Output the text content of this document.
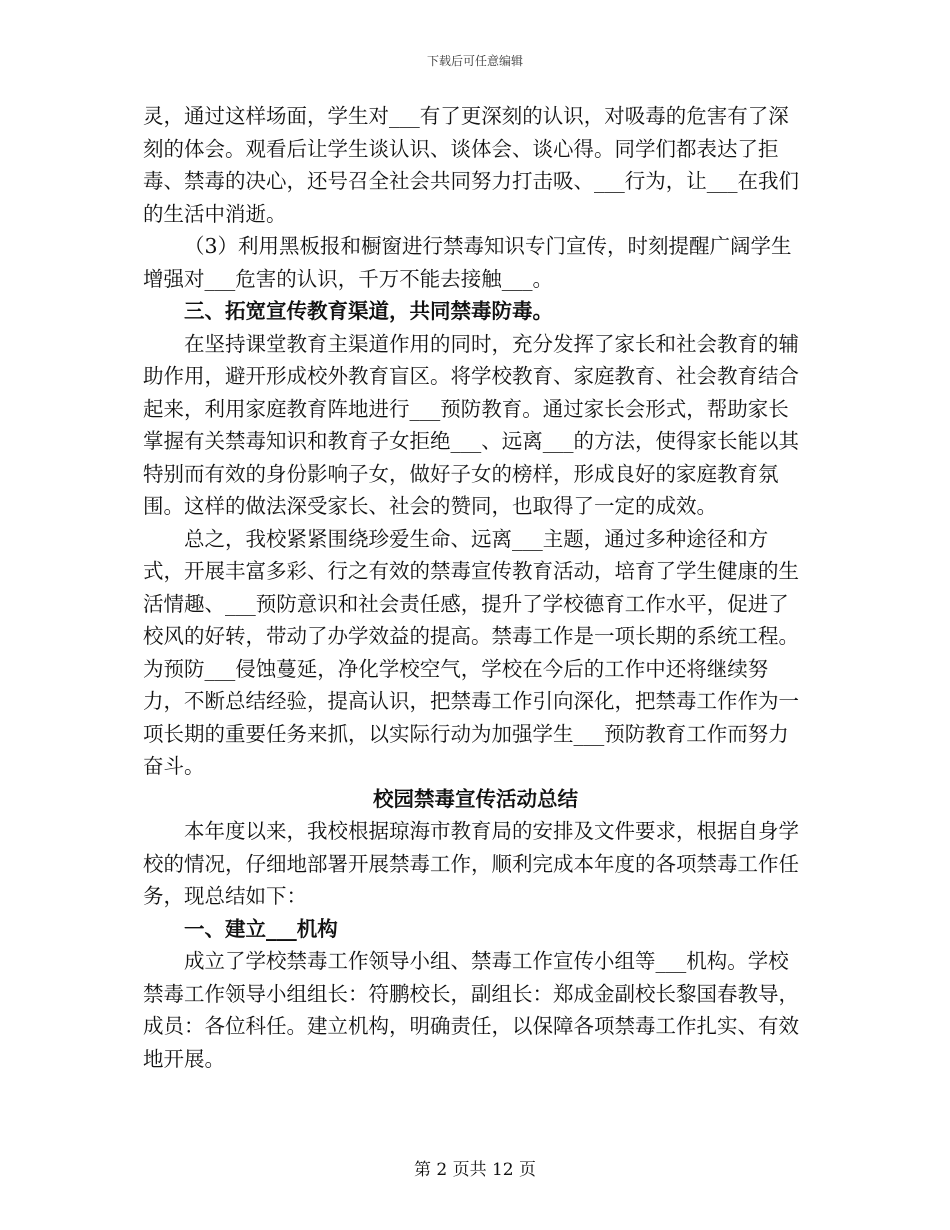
下载后可任意编辑

灵，通过这样场面，学生对___有了更深刻的认识，对吸毒的危害有了深刻的体会。观看后让学生谈认识、谈体会、谈心得。同学们都表达了拒毒、禁毒的决心，还号召全社会共同努力打击吸、___行为，让___在我们的生活中消逝。

（3）利用黑板报和橱窗进行禁毒知识专门宣传，时刻提醒广阔学生增强对___危害的认识，千万不能去接触___。

三、拓宽宣传教育渠道，共同禁毒防毒。

在坚持课堂教育主渠道作用的同时，充分发挥了家长和社会教育的辅助作用，避开形成校外教育盲区。将学校教育、家庭教育、社会教育结合起来，利用家庭教育阵地进行___预防教育。通过家长会形式，帮助家长掌握有关禁毒知识和教育子女拒绝___、远离___的方法，使得家长能以其特别而有效的身份影响子女，做好子女的榜样，形成良好的家庭教育氛围。这样的做法深受家长、社会的赞同，也取得了一定的成效。

总之，我校紧紧围绕珍爱生命、远离___主题，通过多种途径和方式，开展丰富多彩、行之有效的禁毒宣传教育活动，培育了学生健康的生活情趣、___预防意识和社会责任感，提升了学校德育工作水平，促进了校风的好转，带动了办学效益的提高。禁毒工作是一项长期的系统工程。为预防___侵蚀蔓延，净化学校空气，学校在今后的工作中还将继续努力，不断总结经验，提高认识，把禁毒工作引向深化，把禁毒工作作为一项长期的重要任务来抓，以实际行动为加强学生___预防教育工作而努力奋斗。

校园禁毒宣传活动总结

本年度以来，我校根据琼海市教育局的安排及文件要求，根据自身学校的情况，仔细地部署开展禁毒工作，顺利完成本年度的各项禁毒工作任务，现总结如下：

一、建立___机构

成立了学校禁毒工作领导小组、禁毒工作宣传小组等___机构。学校禁毒工作领导小组组长：符鹏校长，副组长：郑成金副校长黎国春教导，成员：各位科任。建立机构，明确责任，以保障各项禁毒工作扎实、有效地开展。

第 2 页共 12 页
